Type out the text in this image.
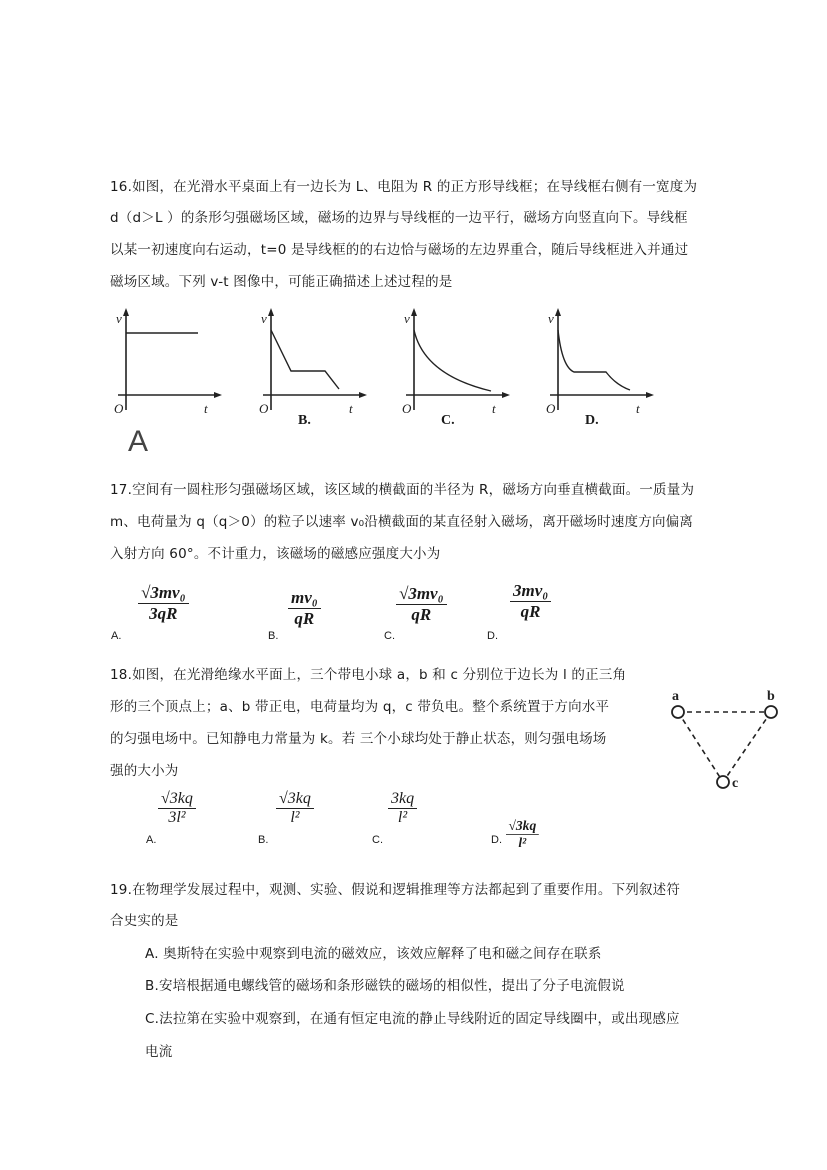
16.如图，在光滑水平桌面上有一边长为 L、电阻为 R 的正方形导线框；在导线框右侧有一宽度为
d（d＞L ）的条形匀强磁场区域，磁场的边界与导线框的一边平行，磁场方向竖直向下。导线框
以某一初速度向右运动，t=0 是导线框的的右边恰与磁场的左边界重合，随后导线框进入并通过
磁场区域。下列 v-t 图像中，可能正确描述上述过程的是
v
t
O
A
v
t
O
B.
v
t
O
C.
v
t
O
D.
17.空间有一圆柱形匀强磁场区域，该区域的横截面的半径为 R，磁场方向垂直横截面。一质量为
m、电荷量为 q（q＞0）的粒子以速率 v₀沿横截面的某直径射入磁场，离开磁场时速度方向偏离
入射方向 60°。不计重力，该磁场的磁感应强度大小为
A.
$\frac{\text{√3mv₀}}{3qR}$
B.
$\frac{\text{mv₀}}{qR}$
C.
$\frac{\text{√3mv₀}}{qR}$
D.
$\frac{\text{3mv₀}}{qR}$
18.如图，在光滑绝缘水平面上，三个带电小球 a，b 和 c 分别位于边长为 l 的正三角
形的三个顶点上；a、b 带正电，电荷量均为 q，c 带负电。整个系统置于方向水平
的匀强电场中。已知静电力常量为 k。若 三个小球均处于静止状态，则匀强电场场
强的大小为
a	b
c
A.
$\frac{√3kq}{\text{3l²}}$
B.
$\frac{√3kq}{\text{l²}}$
C.
$\frac{3kq}{\text{l²}}$
D. $\frac{√3kq}{\text{l²}}$
19.在物理学发展过程中，观测、实验、假说和逻辑推理等方法都起到了重要作用。下列叙述符
合史实的是
A. 奥斯特在实验中观察到电流的磁效应，该效应解释了电和磁之间存在联系
B.安培根据通电螺线管的磁场和条形磁铁的磁场的相似性，提出了分子电流假说
C.法拉第在实验中观察到，在通有恒定电流的静止导线附近的固定导线圈中，或出现感应
电流
